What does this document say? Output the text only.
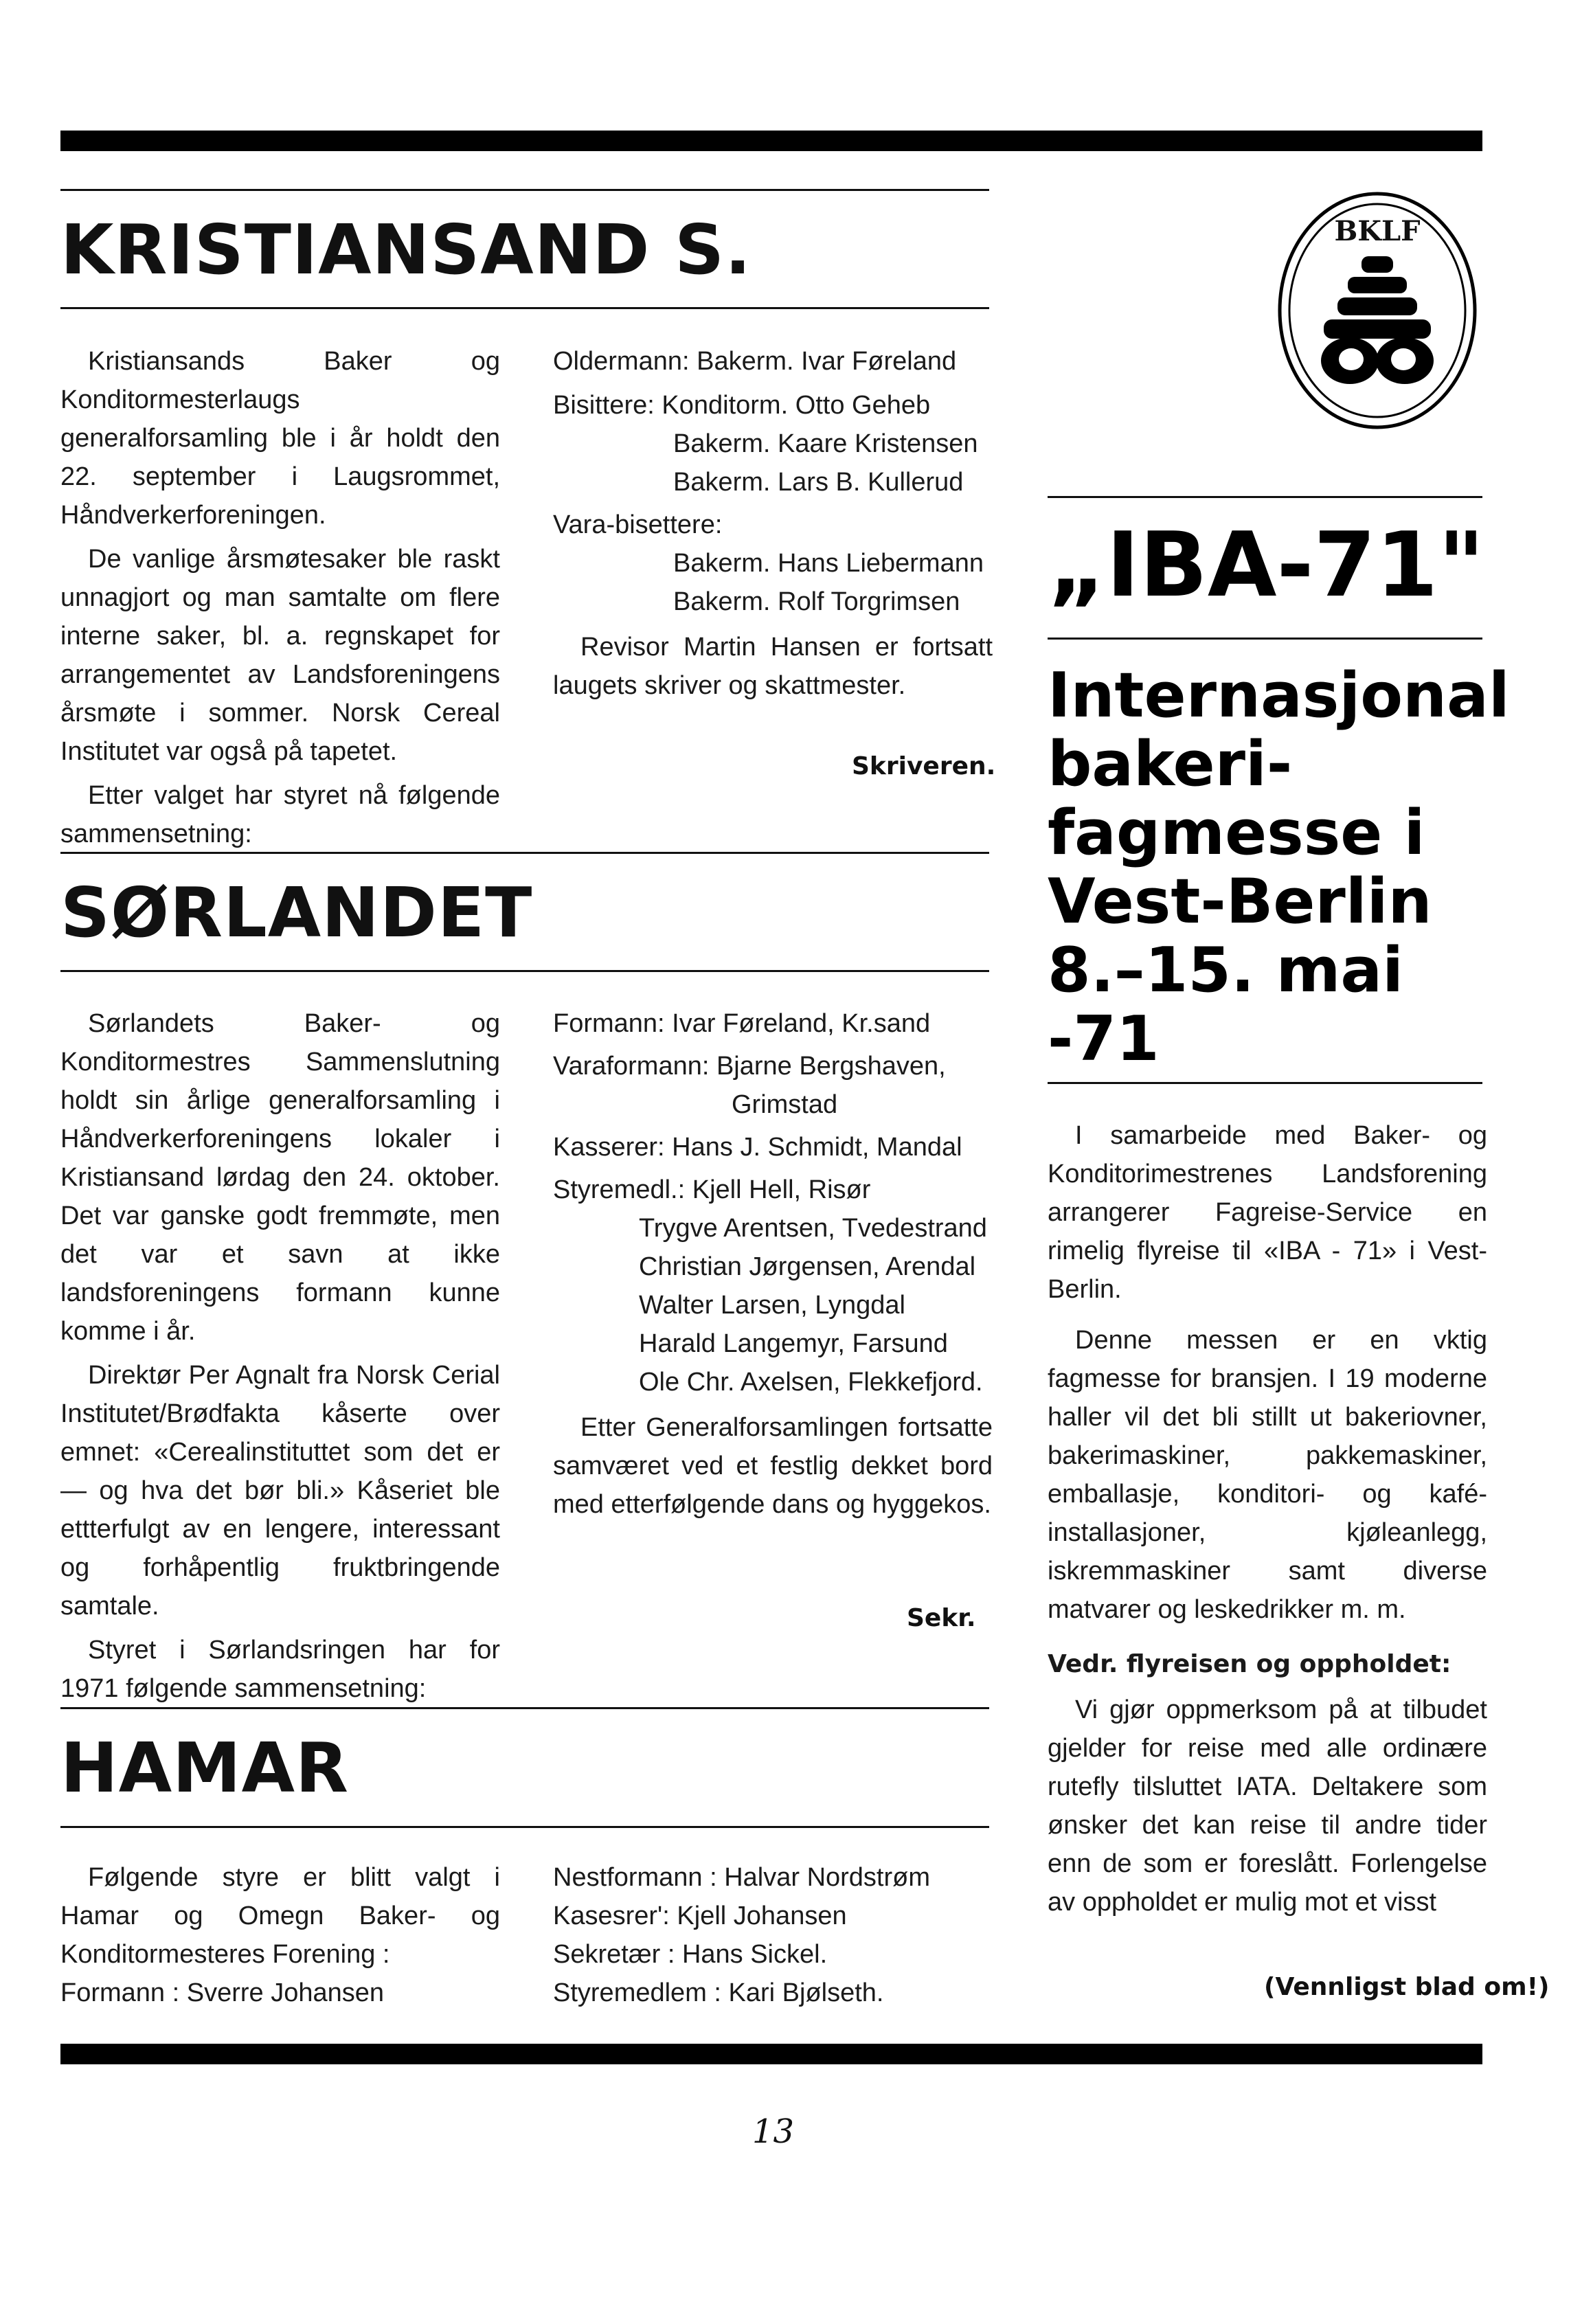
KRISTIANSAND S.

Kristiansands Baker og Konditormesterlaugs generalforsamling ble i år holdt den 22. september i Laugsrommet, Håndverkerforeningen.

De vanlige årsmøtesaker ble raskt unnagjort og man samtalte om flere interne saker, bl. a. regnskapet for arrangementet av Landsforeningens årsmøte i sommer. Norsk Cereal Institutet var også på tapetet.

Etter valget har styret nå følgende sammensetning:

Oldermann: Bakerm. Ivar Føreland
Bisittere: Konditorm. Otto Geheb
Bakerm. Kaare Kristensen
Bakerm. Lars B. Kullerud
Vara-bisettere:
Bakerm. Hans Liebermann
Bakerm. Rolf Torgrimsen

Revisor Martin Hansen er fortsatt laugets skriver og skattmester.

Skriveren.
SØRLANDET

Sørlandets Baker- og Konditormestres Sammenslutning holdt sin årlige generalforsamling i Håndverkerforeningens lokaler i Kristiansand lørdag den 24. oktober. Det var ganske godt fremmøte, men det var et savn at ikke landsforeningens formann kunne komme i år.

Direktør Per Agnalt fra Norsk Cerial Institutet/Brødfakta kåserte over emnet: «Cerealinstituttet som det er — og hva det bør bli.» Kåseriet ble ettterfulgt av en lengere, interessant og forhåpentlig fruktbringende samtale.

Styret i Sørlandsringen har for 1971 følgende sammensetning:

Formann: Ivar Føreland, Kr.sand
Varaformann: Bjarne Bergshaven,
Grimstad
Kasserer: Hans J. Schmidt, Mandal
Styremedl.: Kjell Hell, Risør
Trygve Arentsen, Tvedestrand
Christian Jørgensen, Arendal
Walter Larsen, Lyngdal
Harald Langemyr, Farsund
Ole Chr. Axelsen, Flekkefjord.

Etter Generalforsamlingen fortsatte samværet ved et festlig dekket bord med etterfølgende dans og hyggekos.

Sekr.
HAMAR

Følgende styre er blitt valgt i Hamar og Omegn Baker- og Konditormesteres Forening :

Formann : Sverre Johansen
Nestformann : Halvar Nordstrøm
Kasesrer': Kjell Johansen
Sekretær : Hans Sickel.
Styremedlem : Kari Bjølseth.
BKLF
„IBA-71"
Internasjonal
bakeri-
fagmesse i
Vest-Berlin
8.–15. mai -71

I samarbeide med Baker- og Konditorimestrenes Landsforening arrangerer Fagreise-Service en rimelig flyreise til «IBA - 71» i Vest-Berlin.

Denne messen er en vktig fagmesse for bransjen. I 19 moderne haller vil det bli stillt ut bakeriovner, bakerimaskiner, pakkemaskiner, emballasje, konditori- og kafé-installasjoner, kjøleanlegg, iskremmaskiner samt diverse matvarer og leskedrikker m. m.

Vedr. flyreisen og oppholdet:

Vi gjør oppmerksom på at tilbudet gjelder for reise med alle ordinære rutefly tilsluttet IATA. Deltakere som ønsker det kan reise til andre tider enn de som er foreslått. Forlengelse av oppholdet er mulig mot et visst

(Vennligst blad om!)
13
